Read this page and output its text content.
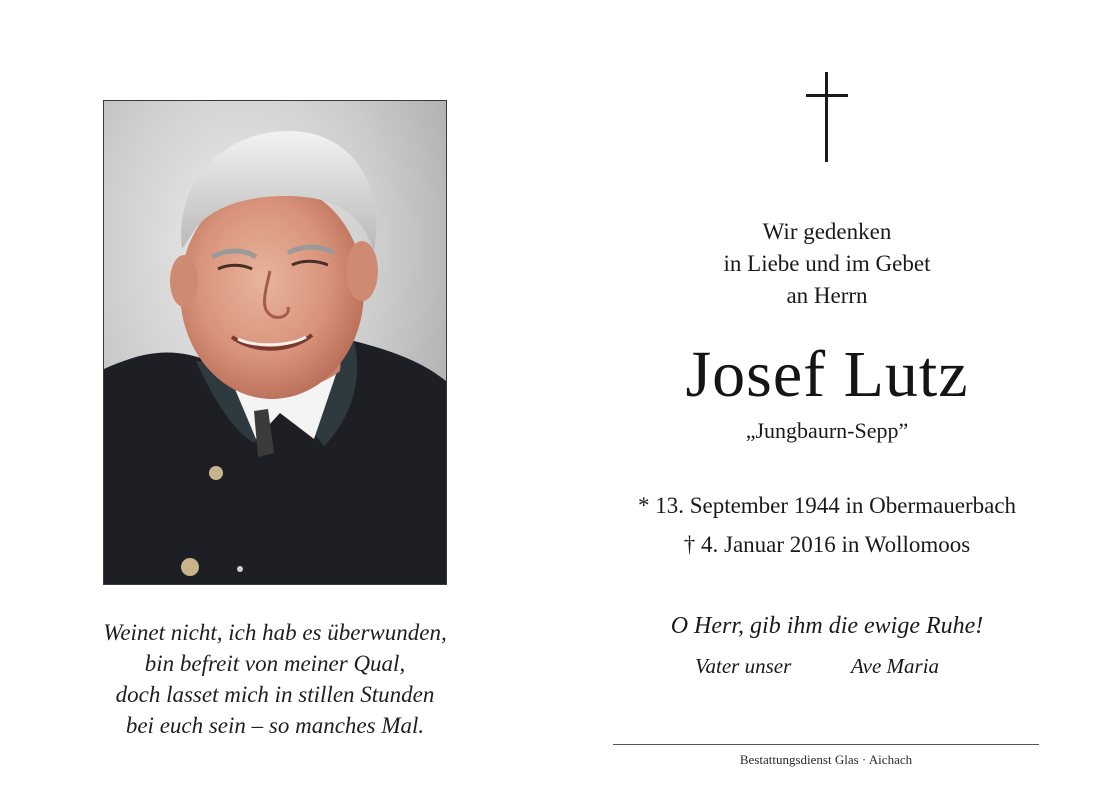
Weinet nicht, ich hab es überwunden,
bin befreit von meiner Qual,
doch lasset mich in stillen Stunden
bei euch sein – so manches Mal.
Wir gedenken
in Liebe und im Gebet
an Herrn
Josef Lutz
„Jungbaurn-Sepp”
* 13. September 1944 in Obermauerbach
† 4. Januar 2016 in Wollomoos
O Herr, gib ihm die ewige Ruhe!
Vater unser	Ave Maria
Bestattungsdienst Glas · Aichach
